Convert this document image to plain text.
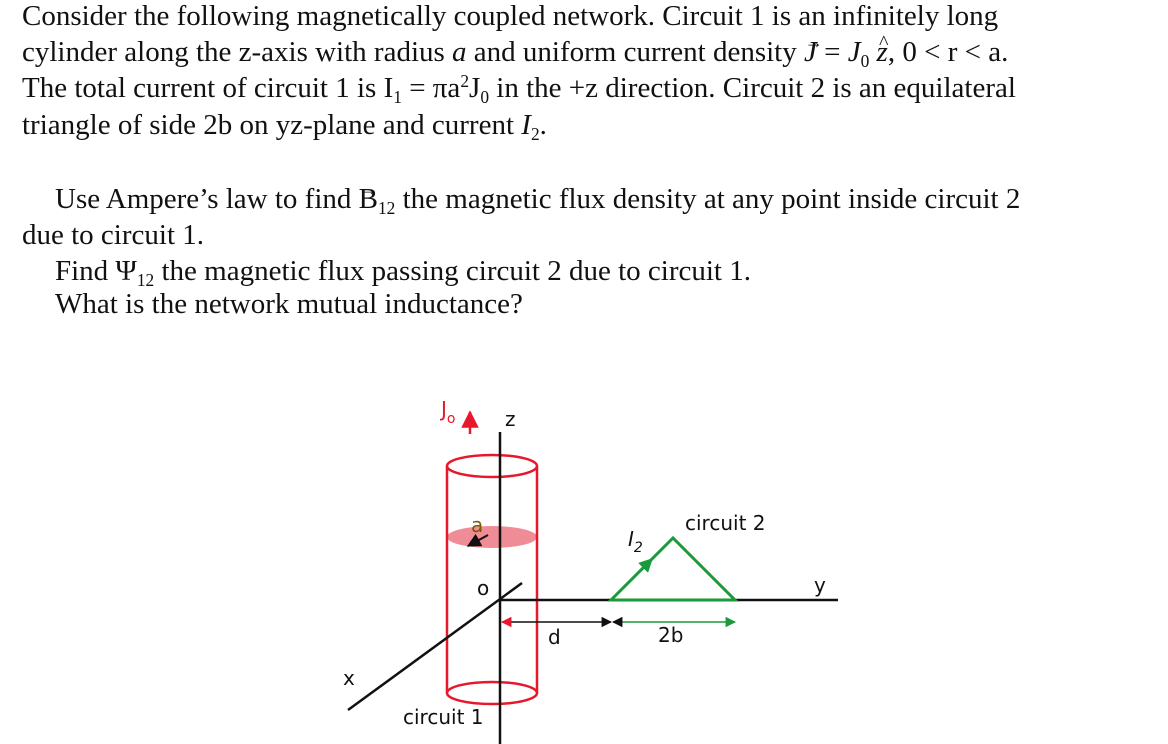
Consider the following magnetically coupled network. Circuit 1 is an infinitely long
cylinder along the z-axis with radius a and uniform current density → $J = J_0$ ^ z, 0 < r < a.
The total current of circuit 1 is $I_1 = \pi a^2J_0$ in the +z direction. Circuit 2 is an equilateral
triangle of side 2b on yz-plane and current $I_2$.
Use Ampere’s law to find → $B_{12}$ the magnetic flux density at any point inside circuit 2
due to circuit 1.
Find $\Psi_{12}$ the magnetic flux passing circuit 2 due to circuit 1.
What is the network mutual inductance?
$J_o$ z
a
o
$I_2$
circuit 2
y
d	2b
x
circuit 1
